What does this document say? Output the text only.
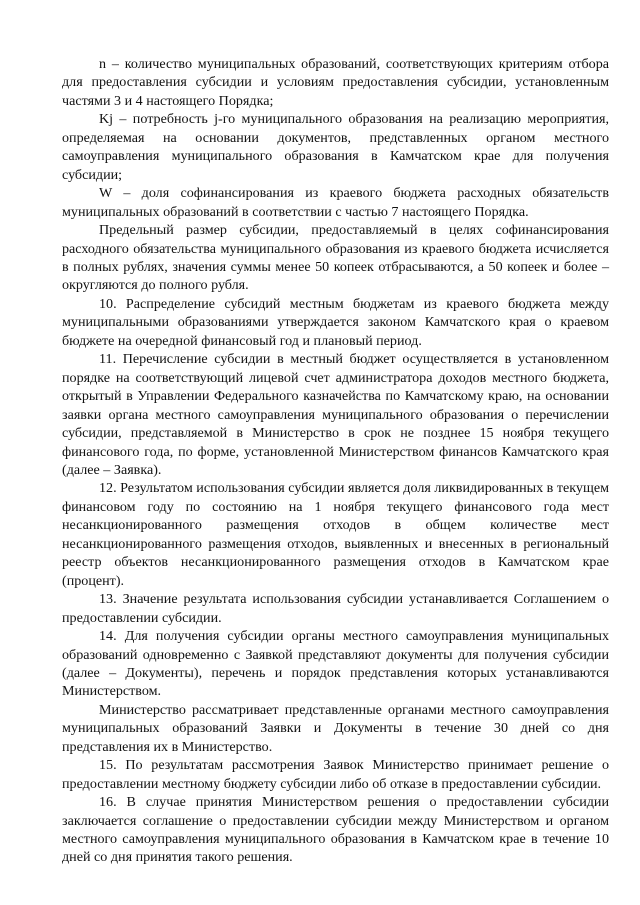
n – количество муниципальных образований, соответствующих критериям отбора для предоставления субсидии и условиям предоставления субсидии, установленным частями 3 и 4 настоящего Порядка;

Kj – потребность j-го муниципального образования на реализацию мероприятия, определяемая на основании документов, представленных органом местного самоуправления муниципального образования в Камчатском крае для получения субсидии;

W – доля софинансирования из краевого бюджета расходных обязательств муниципальных образований в соответствии с частью 7 настоящего Порядка.

Предельный размер субсидии, предоставляемый в целях софинансирования расходного обязательства муниципального образования из краевого бюджета исчисляется в полных рублях, значения суммы менее 50 копеек отбрасываются, а 50 копеек и более – округляются до полного рубля.

10. Распределение субсидий местным бюджетам из краевого бюджета между муниципальными образованиями утверждается законом Камчатского края о краевом бюджете на очередной финансовый год и плановый период.

11. Перечисление субсидии в местный бюджет осуществляется в установленном порядке на соответствующий лицевой счет администратора доходов местного бюджета, открытый в Управлении Федерального казначейства по Камчатскому краю, на основании заявки органа местного самоуправления муниципального образования о перечислении субсидии, представляемой в Министерство в срок не позднее 15 ноября текущего финансового года, по форме, установленной Министерством финансов Камчатского края (далее – Заявка).

12. Результатом использования субсидии является доля ликвидированных в текущем финансовом году по состоянию на 1 ноября текущего финансового года мест несанкционированного размещения отходов в общем количестве мест несанкционированного размещения отходов, выявленных и внесенных в региональный реестр объектов несанкционированного размещения отходов в Камчатском крае (процент).

13. Значение результата использования субсидии устанавливается Соглашением о предоставлении субсидии.

14. Для получения субсидии органы местного самоуправления муниципальных образований одновременно с Заявкой представляют документы для получения субсидии (далее – Документы), перечень и порядок представления которых устанавливаются Министерством.

Министерство рассматривает представленные органами местного самоуправления муниципальных образований Заявки и Документы в течение 30 дней со дня представления их в Министерство.

15. По результатам рассмотрения Заявок Министерство принимает решение о предоставлении местному бюджету субсидии либо об отказе в предоставлении субсидии.

16. В случае принятия Министерством решения о предоставлении субсидии заключается соглашение о предоставлении субсидии между Министерством и органом местного самоуправления муниципального образования в Камчатском крае в течение 10 дней со дня принятия такого решения.
